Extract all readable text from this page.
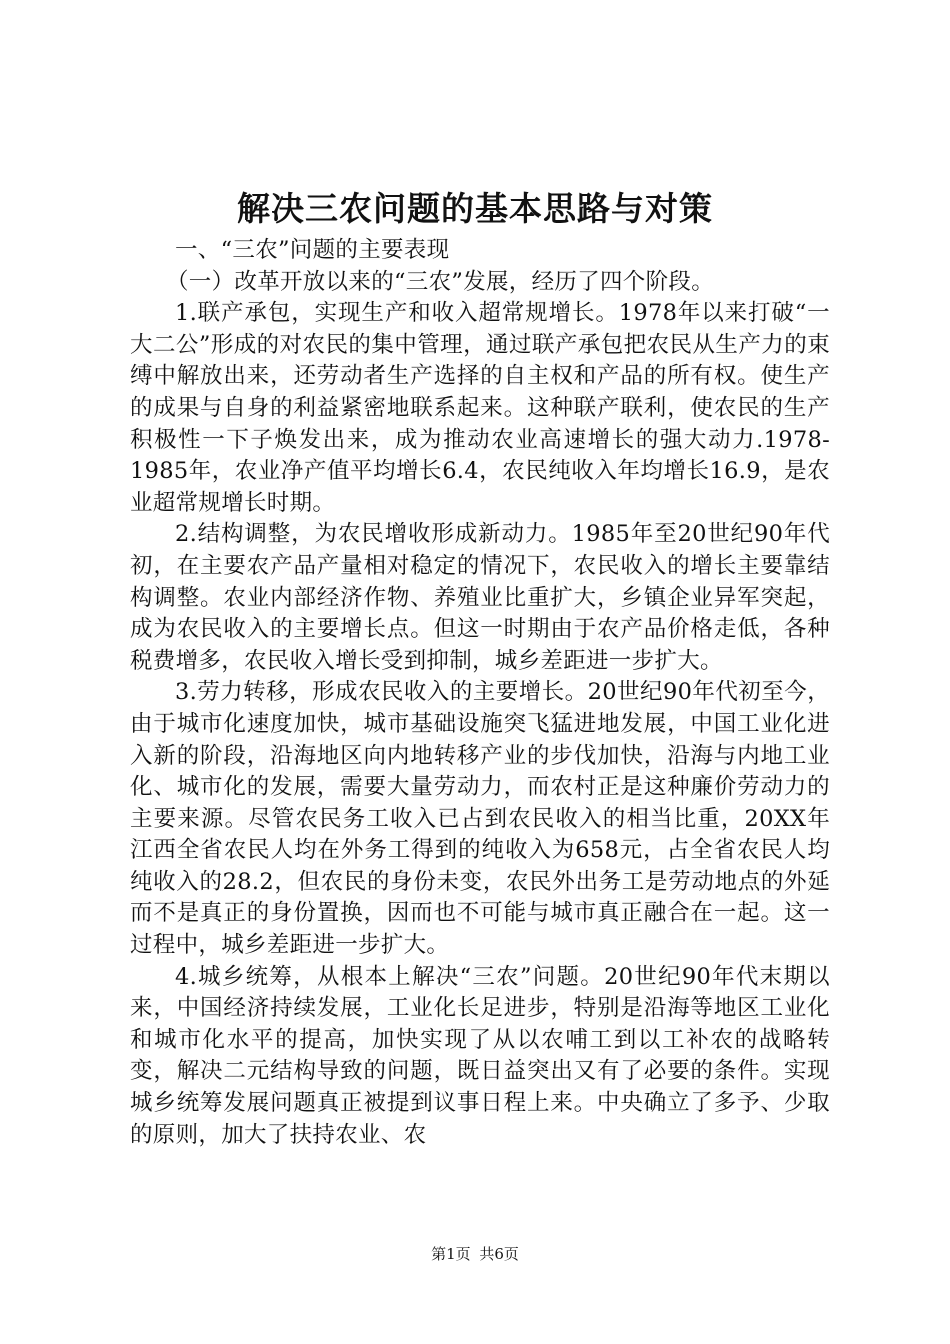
解决三农问题的基本思路与对策

一、“三农”问题的主要表现

（一）改革开放以来的“三农”发展，经历了四个阶段。

1.联产承包，实现生产和收入超常规增长。1978年以来打破“一大二公”形成的对农民的集中管理，通过联产承包把农民从生产力的束缚中解放出来，还劳动者生产选择的自主权和产品的所有权。使生产的成果与自身的利益紧密地联系起来。这种联产联利，使农民的生产积极性一下子焕发出来，成为推动农业高速增长的强大动力.1978-1985年，农业净产值平均增长6.4，农民纯收入年均增长16.9，是农业超常规增长时期。

2.结构调整，为农民增收形成新动力。1985年至20世纪90年代初，在主要农产品产量相对稳定的情况下，农民收入的增长主要靠结构调整。农业内部经济作物、养殖业比重扩大，乡镇企业异军突起，成为农民收入的主要增长点。但这一时期由于农产品价格走低，各种税费增多，农民收入增长受到抑制，城乡差距进一步扩大。

3.劳力转移，形成农民收入的主要增长。20世纪90年代初至今，由于城市化速度加快，城市基础设施突飞猛进地发展，中国工业化进入新的阶段，沿海地区向内地转移产业的步伐加快，沿海与内地工业化、城市化的发展，需要大量劳动力，而农村正是这种廉价劳动力的主要来源。尽管农民务工收入已占到农民收入的相当比重，20XX年江西全省农民人均在外务工得到的纯收入为658元，占全省农民人均纯收入的28.2，但农民的身份未变，农民外出务工是劳动地点的外延而不是真正的身份置换，因而也不可能与城市真正融合在一起。这一过程中，城乡差距进一步扩大。

4.城乡统筹，从根本上解决“三农”问题。20世纪90年代末期以来，中国经济持续发展，工业化长足进步，特别是沿海等地区工业化和城市化水平的提高，加快实现了从以农哺工到以工补农的战略转变，解决二元结构导致的问题，既日益突出又有了必要的条件。实现城乡统筹发展问题真正被提到议事日程上来。中央确立了多予、少取的原则，加大了扶持农业、农

第1页 共6页
